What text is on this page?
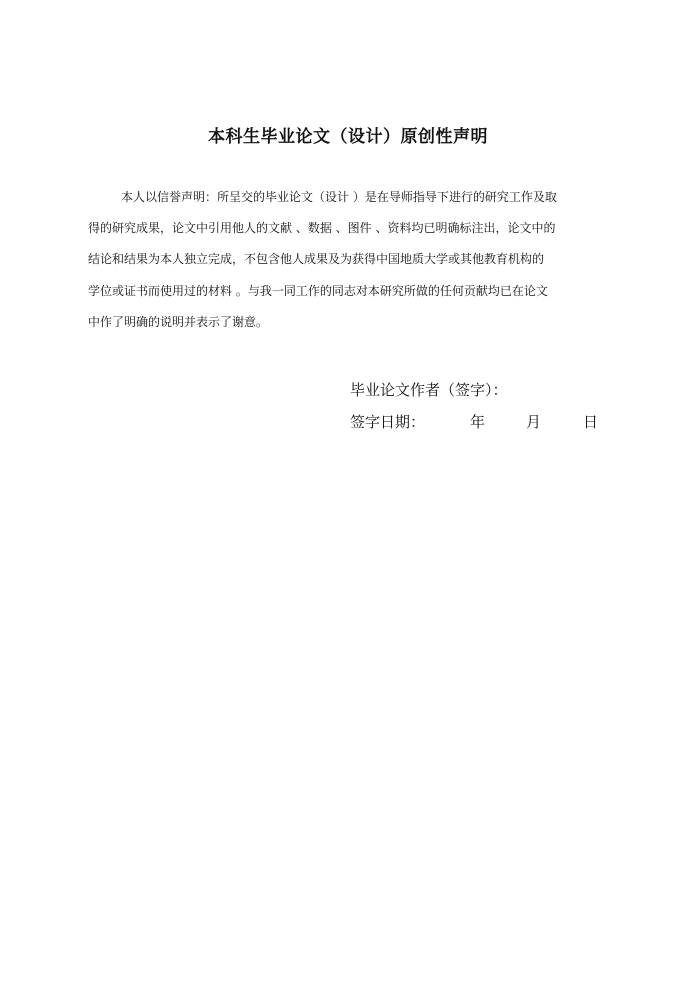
本科生毕业论文（设计）原创性声明
本人以信誉声明：所呈交的毕业论文（设计 ）是在导师指导下进行的研究工作及取
得的研究成果，论文中引用他人的文献 、数据 、图件 、资料均已明确标注出，论文中的
结论和结果为本人独立完成，不包含他人成果及为获得中国地质大学或其他教育机构的
学位或证书而使用过的材料 。与我一同工作的同志对本研究所做的任何贡献均已在论文
中作了明确的说明并表示了谢意。
毕业论文作者（签字）：
签字日期：	年	月	日
